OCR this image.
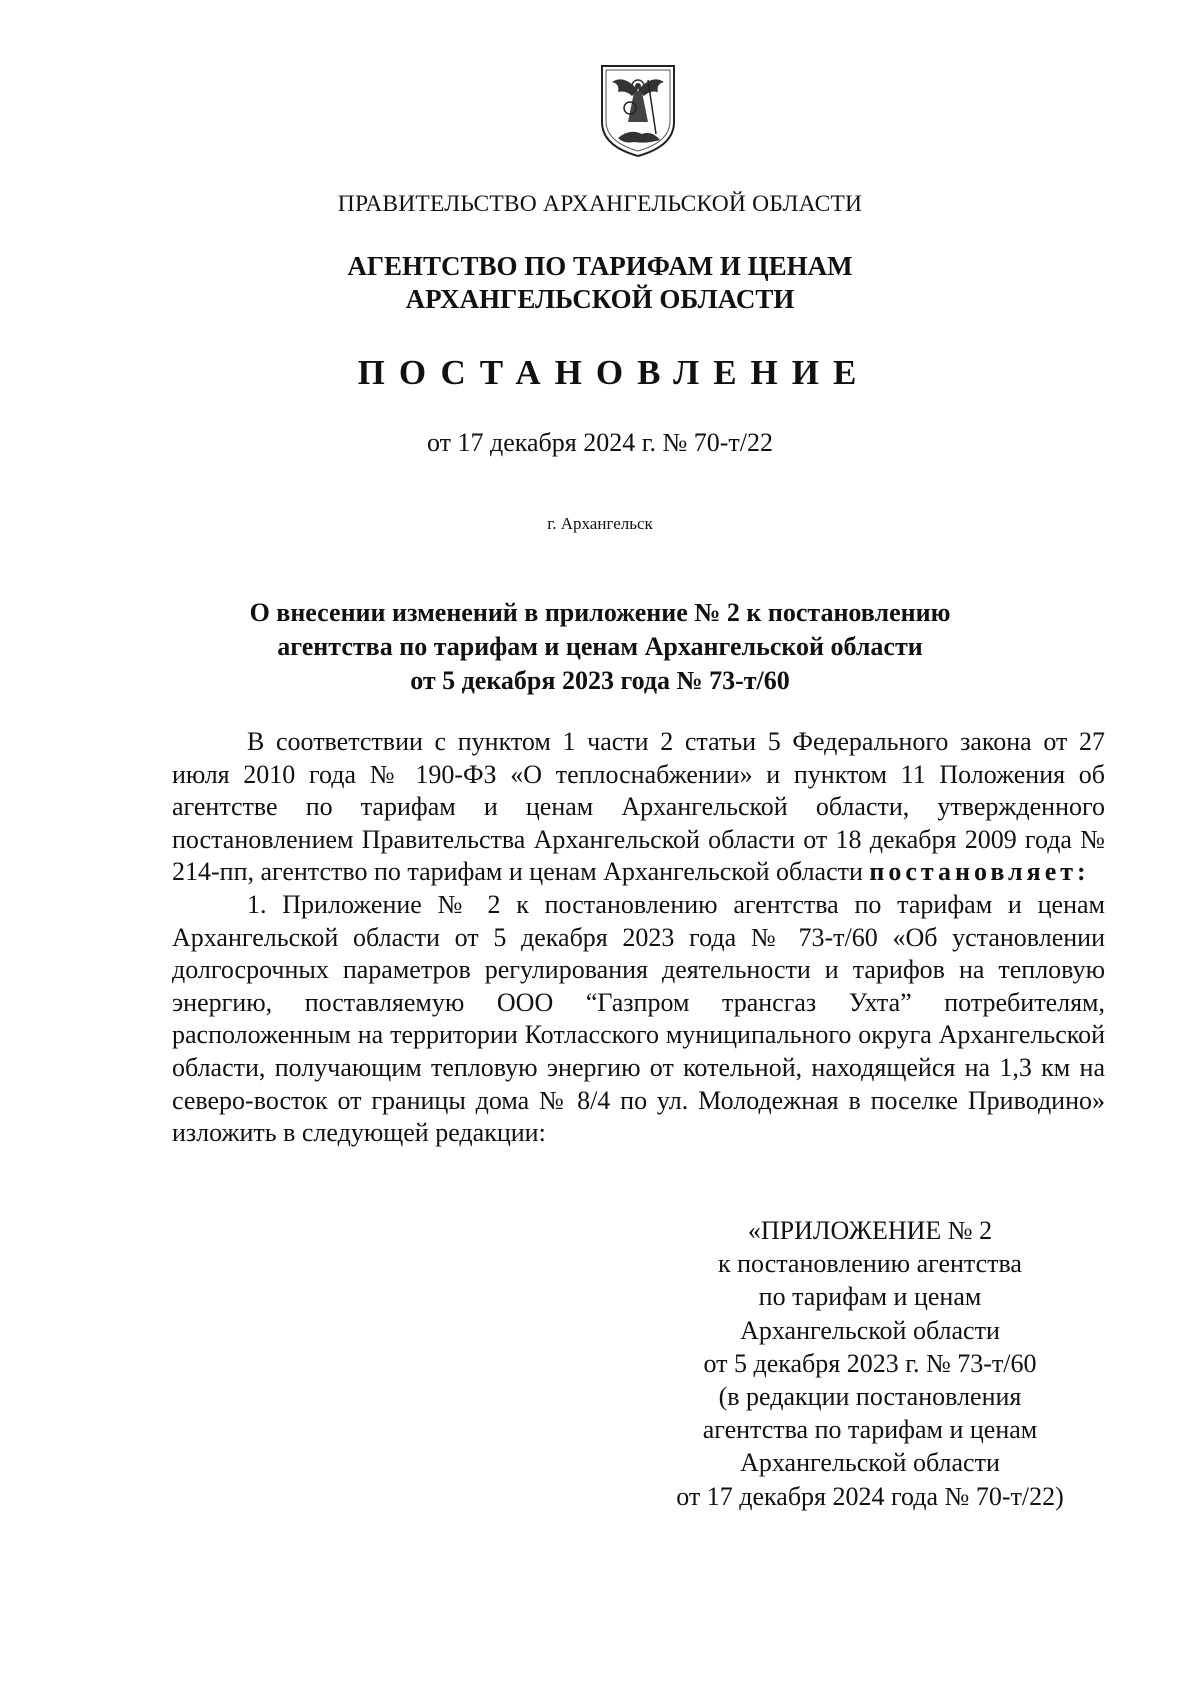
ПРАВИТЕЛЬСТВО АРХАНГЕЛЬСКОЙ ОБЛАСТИ
АГЕНТСТВО ПО ТАРИФАМ И ЦЕНАМ
АРХАНГЕЛЬСКОЙ ОБЛАСТИ
ПОСТАНОВЛЕНИЕ
от 17 декабря 2024 г. № 70-т/22
г. Архангельск
О внесении изменений в приложение № 2 к постановлению
агентства по тарифам и ценам Архангельской области
от 5 декабря 2023 года № 73-т/60

В соответствии с пунктом 1 части 2 статьи 5 Федерального закона от 27 июля 2010 года № 190-ФЗ «О теплоснабжении» и пунктом 11 Положения об агентстве по тарифам и ценам Архангельской области, утвержденного постановлением Правительства Архангельской области от 18 декабря 2009 года № 214-пп, агентство по тарифам и ценам Архангельской области постановляет:

1. Приложение № 2 к постановлению агентства по тарифам и ценам Архангельской области от 5 декабря 2023 года № 73-т/60 «Об установлении долгосрочных параметров регулирования деятельности и тарифов на тепловую энергию, поставляемую ООО “Газпром трансгаз Ухта” потребителям, расположенным на территории Котласского муниципального округа Архангельской области, получающим тепловую энергию от котельной, находящейся на 1,3 км на северо-восток от границы дома № 8/4 по ул. Молодежная в поселке Приводино» изложить в следующей редакции:

«ПРИЛОЖЕНИЕ № 2
к постановлению агентства
по тарифам и ценам
Архангельской области
от 5 декабря 2023 г. № 73-т/60
(в редакции постановления
агентства по тарифам и ценам
Архангельской области
от 17 декабря 2024 года № 70-т/22)
